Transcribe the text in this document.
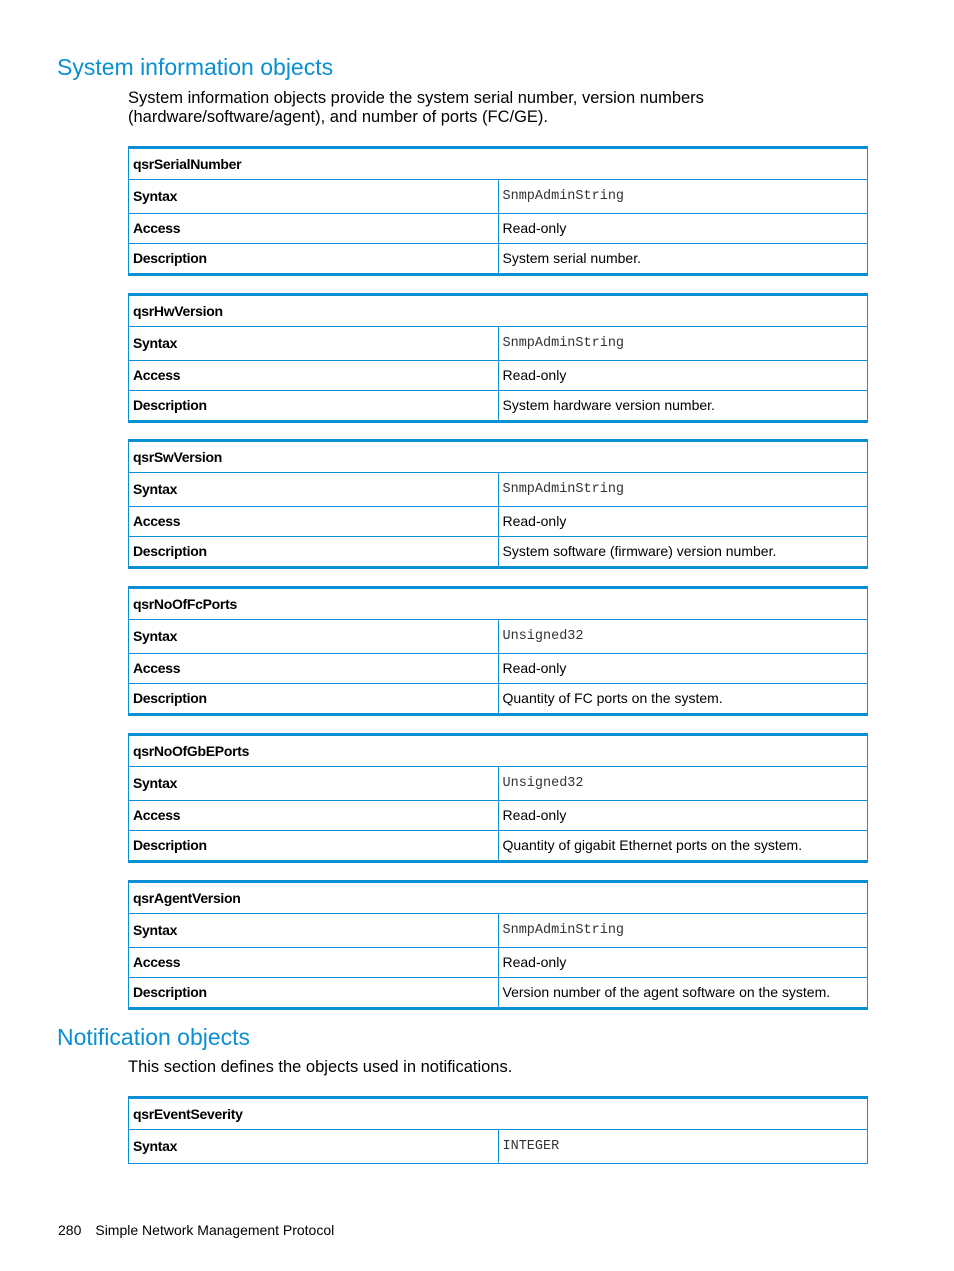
System information objects

System information objects provide the system serial number, version numbers (hardware/software/agent), and number of ports (FC/GE).

qsrSerialNumber	
Syntax	SnmpAdminString
Access	Read-only
Description	System serial number.
qsrHwVersion	
Syntax	SnmpAdminString
Access	Read-only
Description	System hardware version number.
qsrSwVersion	
Syntax	SnmpAdminString
Access	Read-only
Description	System software (firmware) version number.
qsrNoOfFcPorts	
Syntax	Unsigned32
Access	Read-only
Description	Quantity of FC ports on the system.
qsrNoOfGbEPorts	
Syntax	Unsigned32
Access	Read-only
Description	Quantity of gigabit Ethernet ports on the system.
qsrAgentVersion	
Syntax	SnmpAdminString
Access	Read-only
Description	Version number of the agent software on the system.
Notification objects

This section defines the objects used in notifications.

qsrEventSeverity
Syntax	INTEGER
280 Simple Network Management Protocol
